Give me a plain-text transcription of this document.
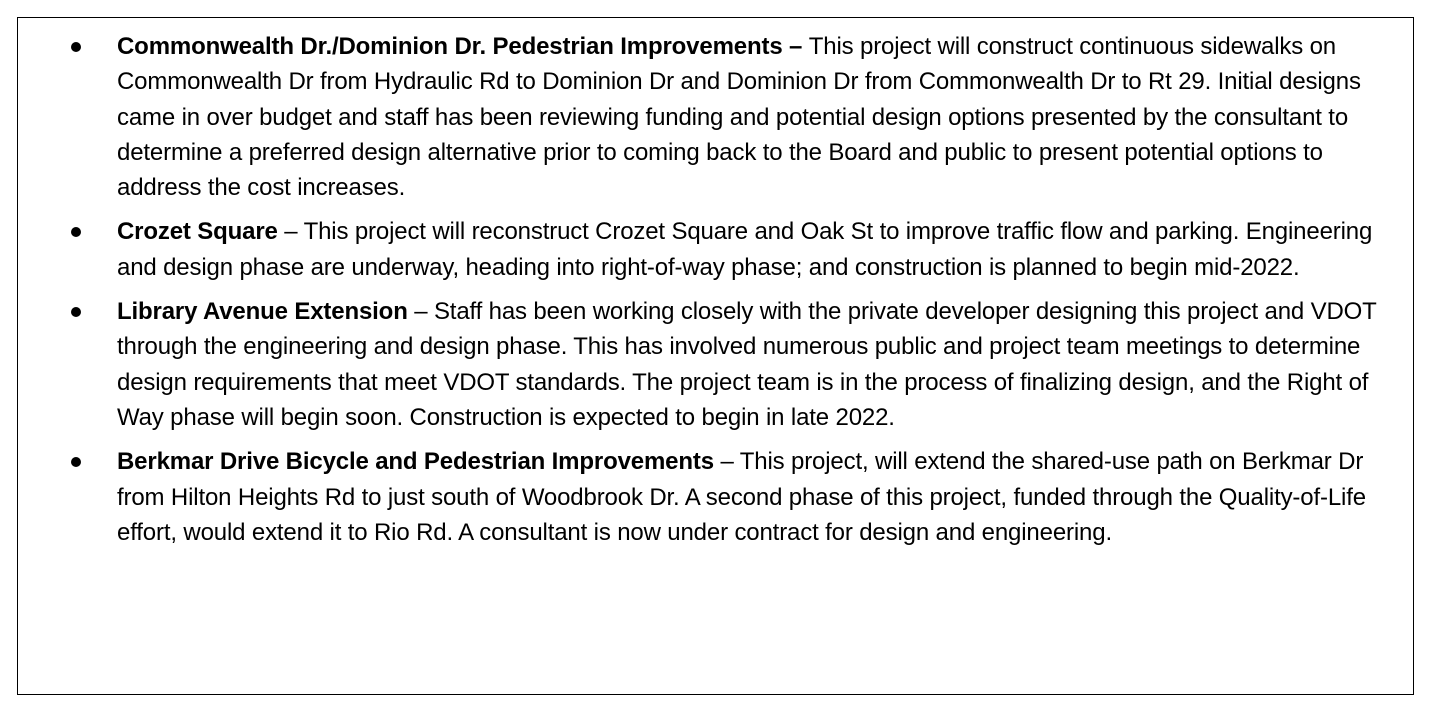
Commonwealth Dr./Dominion Dr. Pedestrian Improvements – This project will construct continuous sidewalks on Commonwealth Dr from Hydraulic Rd to Dominion Dr and Dominion Dr from Commonwealth Dr to Rt 29. Initial designs came in over budget and staff has been reviewing funding and potential design options presented by the consultant to determine a preferred design alternative prior to coming back to the Board and public to present potential options to address the cost increases.
Crozet Square – This project will reconstruct Crozet Square and Oak St to improve traffic flow and parking. Engineering and design phase are underway, heading into right-of-way phase; and construction is planned to begin mid-2022.
Library Avenue Extension – Staff has been working closely with the private developer designing this project and VDOT through the engineering and design phase. This has involved numerous public and project team meetings to determine design requirements that meet VDOT standards. The project team is in the process of finalizing design, and the Right of Way phase will begin soon. Construction is expected to begin in late 2022.
Berkmar Drive Bicycle and Pedestrian Improvements – This project, will extend the shared-use path on Berkmar Dr from Hilton Heights Rd to just south of Woodbrook Dr. A second phase of this project, funded through the Quality-of-Life effort, would extend it to Rio Rd. A consultant is now under contract for design and engineering.
